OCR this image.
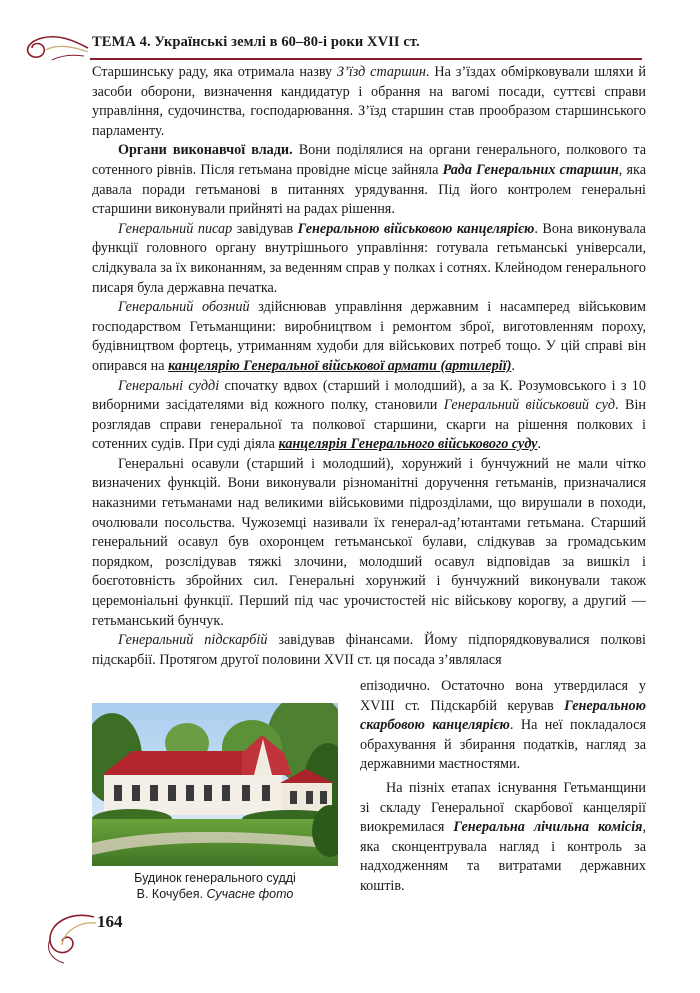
ТЕМА 4. Українські землі в 60–80-і роки XVII ст.

Старшинську раду, яка отримала назву З’їзд старшин. На з’їздах обмірковували шляхи й засоби оборони, визначення кандидатур і обрання на вагомі посади, суттєві справи управління, судочинства, господарювання. З’їзд старшин став прообразом старшинського парламенту.

Органи виконавчої влади. Вони поділялися на органи генерального, полкового та сотенного рівнів. Після гетьмана провідне місце зайняла Рада Генеральних старшин, яка давала поради гетьманові в питаннях урядування. Під його контролем генеральні старшини виконували прийняті на радах рішення.

Генеральний писар завідував Генеральною військовою канцелярією. Вона виконувала функції головного органу внутрішнього управління: готувала гетьманські універсали, слідкувала за їх виконанням, за веденням справ у полках і сотнях. Клейнодом генерального писаря була державна печатка.

Генеральний обозний здійснював управління державним і насамперед військовим господарством Гетьманщини: виробництвом і ремонтом зброї, виготовленням пороху, будівництвом фортець, утриманням худоби для військових потреб тощо. У цій справі він опирався на канцелярію Генеральної військової армати (артилерії).

Генеральні судді спочатку вдвох (старший і молодший), а за К. Розумовського і з 10 виборними засідателями від кожного полку, становили Генеральний військовий суд. Він розглядав справи генеральної та полкової старшини, скарги на рішення полкових і сотенних судів. При суді діяла канцелярія Генерального військового суду.

Генеральні осавули (старший і молодший), хорунжий і бунчужний не мали чітко визначених функцій. Вони виконували різноманітні доручення гетьманів, призначалися наказними гетьманами над великими військовими підрозділами, що вирушали в походи, очолювали посольства. Чужоземці називали їх генерал-ад’ютантами гетьмана. Старший генеральний осавул був охоронцем гетьманської булави, слідкував за громадським порядком, розслідував тяжкі злочини, молодший осавул відповідав за вишкіл і боєготовність збройних сил. Генеральні хорунжий і бунчужний виконували також церемоніальні функції. Перший під час урочистостей ніс військову корогву, а другий — гетьманський бунчук.

Генеральний підскарбій завідував фінансами. Йому підпорядковувалися полкові підскарбії. Протягом другої половини XVII ст. ця посада з’являлася

епізодично. Остаточно вона утвердилася у XVIII ст. Підскарбій керував Генеральною скарбовою канцелярією. На неї покладалося обрахування й збирання податків, нагляд за державними маєтностями.

На пізніх етапах існування Гетьманщини зі складу Генеральної скарбової канцелярії виокремилася Генеральна лічильна комісія, яка сконцентрувала нагляд і контроль за надходженням та витратами державних коштів.

Будинок генерального судді
В. Кочубея. Сучасне фото
164
